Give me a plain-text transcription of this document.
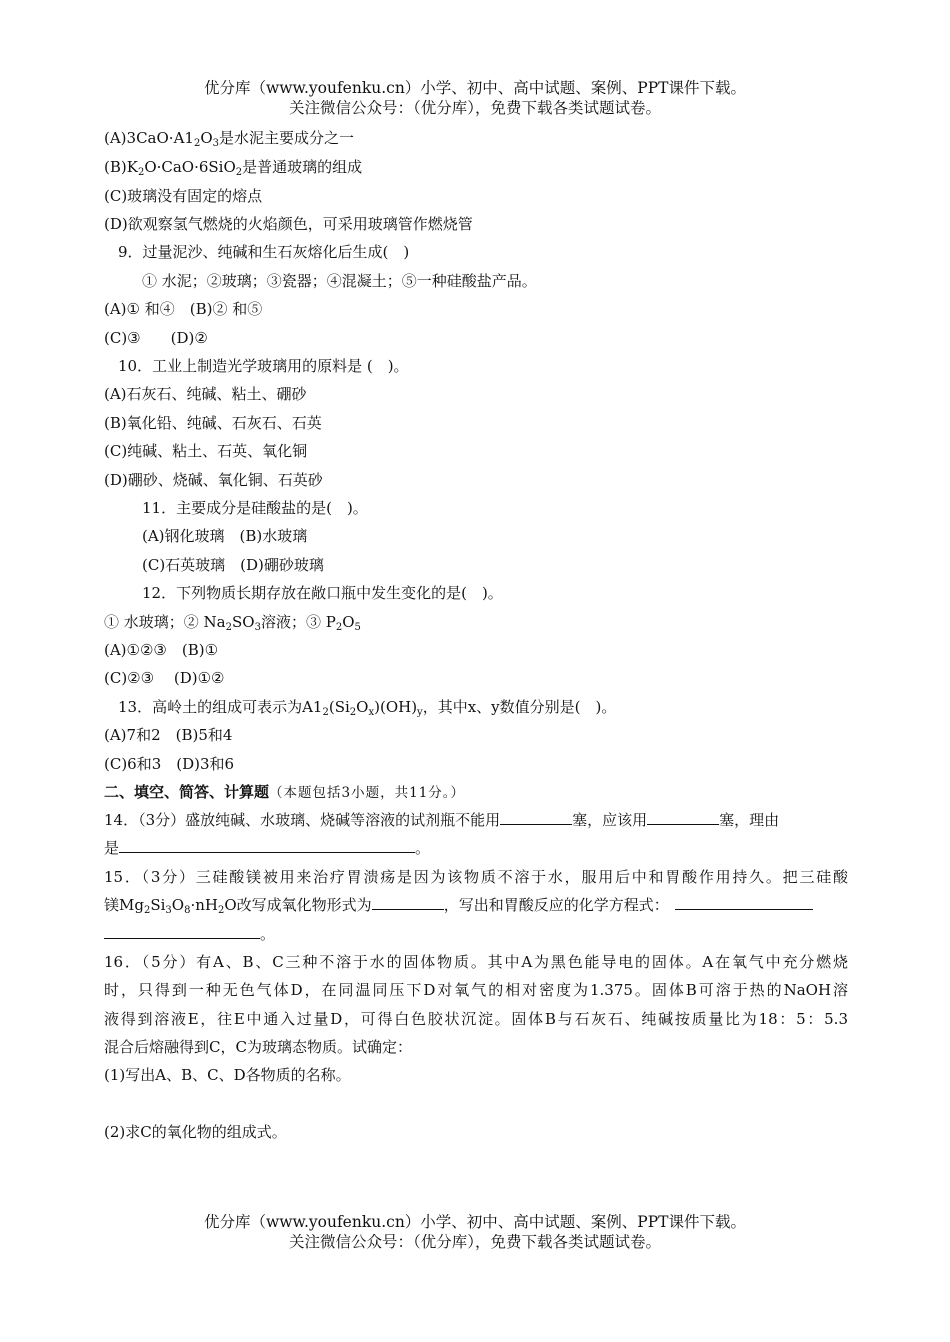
优分库（www.youfenku.cn）小学、初中、高中试题、案例、PPT课件下载。
关注微信公众号：（优分库），免费下载各类试题试卷。
$(A)3CaO\cdot A1_2O_3$是水泥主要成分之一
$(B)K_2O\cdot CaO\cdot 6SiO_2$是普通玻璃的组成
(C)玻璃没有固定的熔点
(D)欲观察氢气燃烧的火焰颜色，可采用玻璃管作燃烧管
9．过量泥沙、纯碱和生石灰熔化后生成(　)
① 水泥；②玻璃；③瓷器；④混凝土；⑤一种硅酸盐产品。
(A)① 和④　(B)② 和⑤
(C)③　　(D)②
10．工业上制造光学玻璃用的原料是 (　)。
(A)石灰石、纯碱、粘土、硼砂
(B)氧化铅、纯碱、石灰石、石英
(C)纯碱、粘土、石英、氧化铜
(D)硼砂、烧碱、氧化铜、石英砂
11．主要成分是硅酸盐的是(　)。
(A)钢化玻璃　(B)水玻璃
(C)石英玻璃　(D)硼砂玻璃
12．下列物质长期存放在敞口瓶中发生变化的是(　)。
① 水玻璃；② $Na_2SO_3$溶液；③ $P_2O_5$
(A)①②③　(B)①
(C)②③　 (D)①②
13．高岭土的组成可表示为$A1_2(Si_2O_x)(OH)_y$，其中x、y数值分别是(　)。
(A)7和2　(B)5和4
(C)6和3　(D)3和6
二、填空、简答、计算题（本题包括3小题，共11分。）
14．（3分）盛放纯碱、水玻璃、烧碱等溶液的试剂瓶不能用	塞，应该用	塞，理由
是	。
15．（3分）三硅酸镁被用来治疗胃溃疡是因为该物质不溶于水，服用后中和胃酸作用持久。把三硅酸
镁$Mg_2Si_3O_8\cdot nH_2O$改写成氧化物形式为	，写出和胃酸反应的化学方程式：
。
16．（5分）有A、B、C三种不溶于水的固体物质。其中A为黑色能导电的固体。A在氧气中充分燃烧
时，只得到一种无色气体D，在同温同压下D对氧气的相对密度为1.375。固体B可溶于热的NaOH溶
液得到溶液E，往E中通入过量D，可得白色胶状沉淀。固体B与石灰石、纯碱按质量比为18：5：5.3
混合后熔融得到C，C为玻璃态物质。试确定：
(1)写出A、B、C、D各物质的名称。
(2)求C的氧化物的组成式。
优分库（www.youfenku.cn）小学、初中、高中试题、案例、PPT课件下载。
关注微信公众号：（优分库），免费下载各类试题试卷。
